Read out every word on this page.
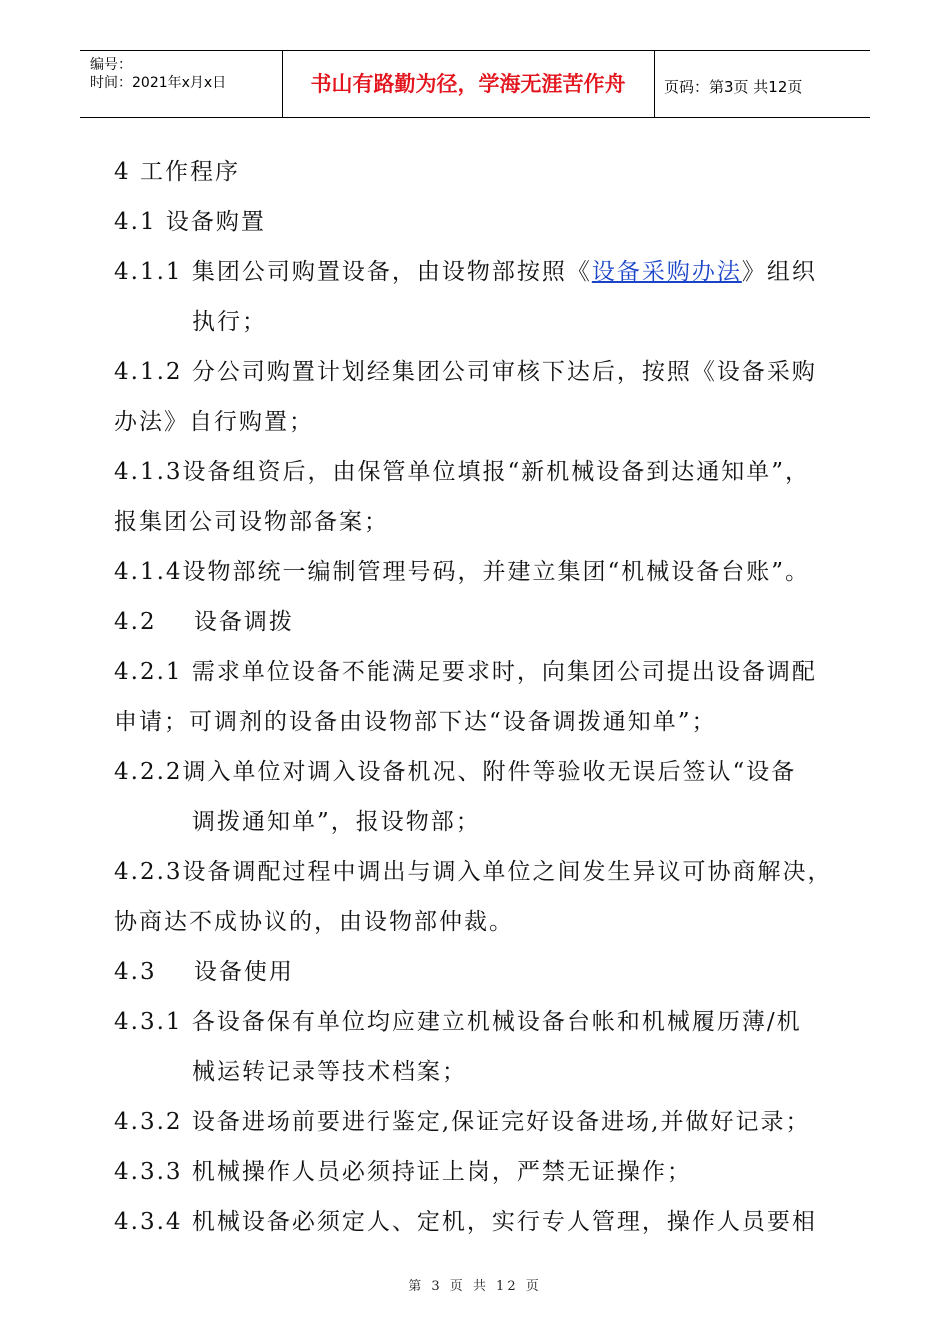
编号：
时间：2021年x月x日	书山有路勤为径，学海无涯苦作舟	页码：第3页 共12页
4 工作程序
4.1 设备购置
4.1.1 集团公司购置设备，由设物部按照《设备采购办法》组织
执行；
4.1.2 分公司购置计划经集团公司审核下达后，按照《设备采购
办法》自行购置；
4.1.3设备组资后，由保管单位填报“新机械设备到达通知单”，
报集团公司设物部备案；
4.1.4设物部统一编制管理号码，并建立集团“机械设备台账”。
4.2    设备调拨
4.2.1 需求单位设备不能满足要求时，向集团公司提出设备调配
申请；可调剂的设备由设物部下达“设备调拨通知单”；
4.2.2调入单位对调入设备机况、附件等验收无误后签认“设备
调拨通知单”，报设物部；
4.2.3设备调配过程中调出与调入单位之间发生异议可协商解决，
协商达不成协议的，由设物部仲裁。
4.3    设备使用
4.3.1 各设备保有单位均应建立机械设备台帐和机械履历薄/机
械运转记录等技术档案；
4.3.2 设备进场前要进行鉴定,保证完好设备进场,并做好记录；
4.3.3 机械操作人员必须持证上岗，严禁无证操作；
4.3.4 机械设备必须定人、定机，实行专人管理，操作人员要相
第 3 页 共 12 页
